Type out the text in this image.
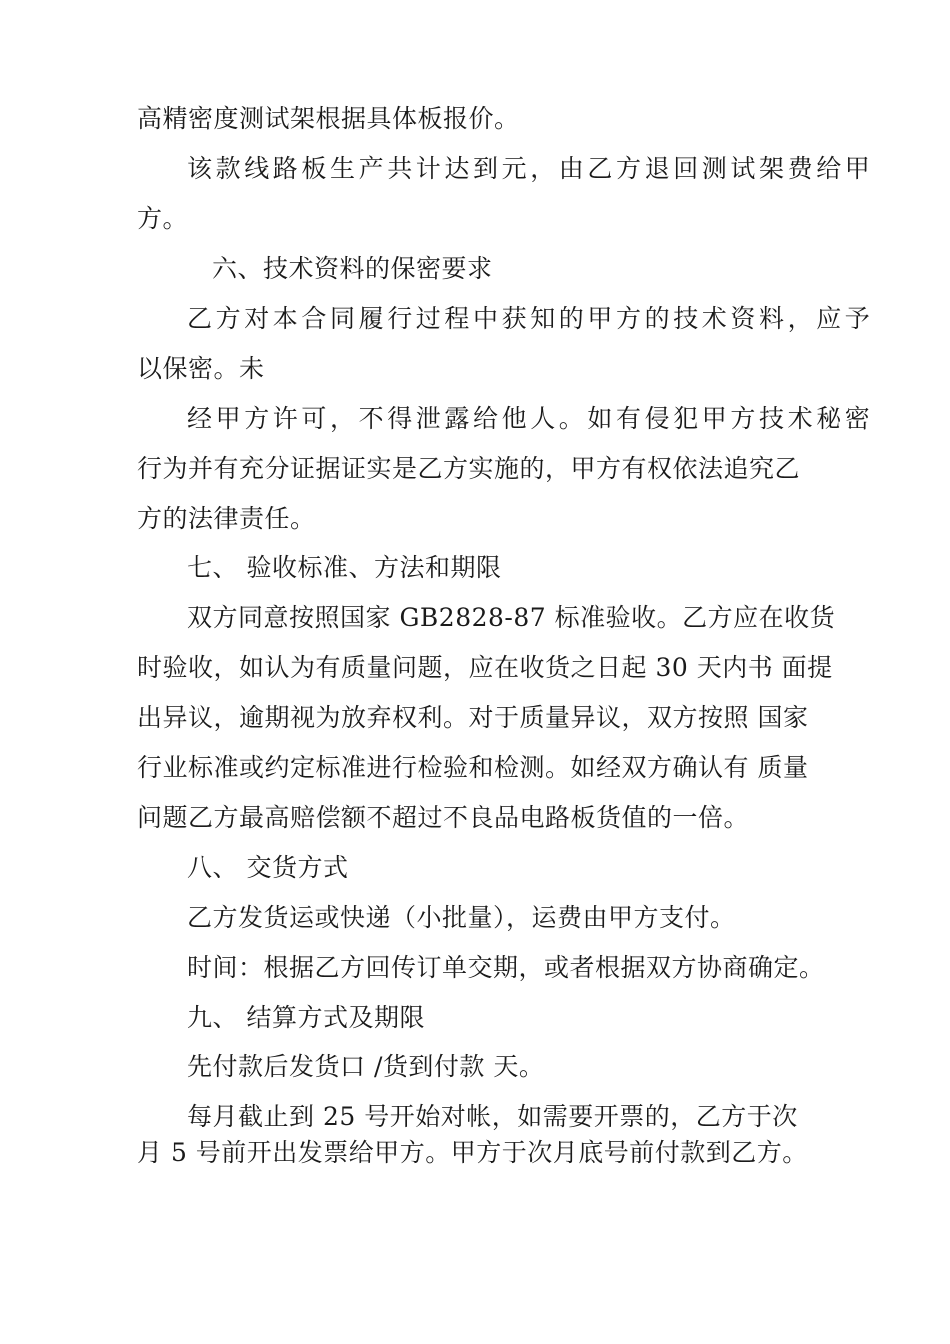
高精密度测试架根据具体板报价。

该款线路板生产共计达到元，由乙方退回测试架费给甲

方。

六、技术资料的保密要求

乙方对本合同履行过程中获知的甲方的技术资料，应予

以保密。未

经甲方许可，不得泄露给他人。如有侵犯甲方技术秘密

行为并有充分证据证实是乙方实施的，甲方有权依法追究乙

方的法律责任。

七、 验收标准、方法和期限

双方同意按照国家 GB2828-87 标准验收。乙方应在收货

时验收，如认为有质量问题，应在收货之日起 30 天内书 面提

出异议，逾期视为放弃权利。对于质量异议，双方按照 国家

行业标准或约定标准进行检验和检测。如经双方确认有 质量

问题乙方最高赔偿额不超过不良品电路板货值的一倍。

八、 交货方式

乙方发货运或快递（小批量），运费由甲方支付。

时间：根据乙方回传订单交期，或者根据双方协商确定。

九、 结算方式及期限

先付款后发货口 /货到付款 天。

每月截止到 25 号开始对帐，如需要开票的，乙方于次

月 5 号前开出发票给甲方。甲方于次月底号前付款到乙方。
